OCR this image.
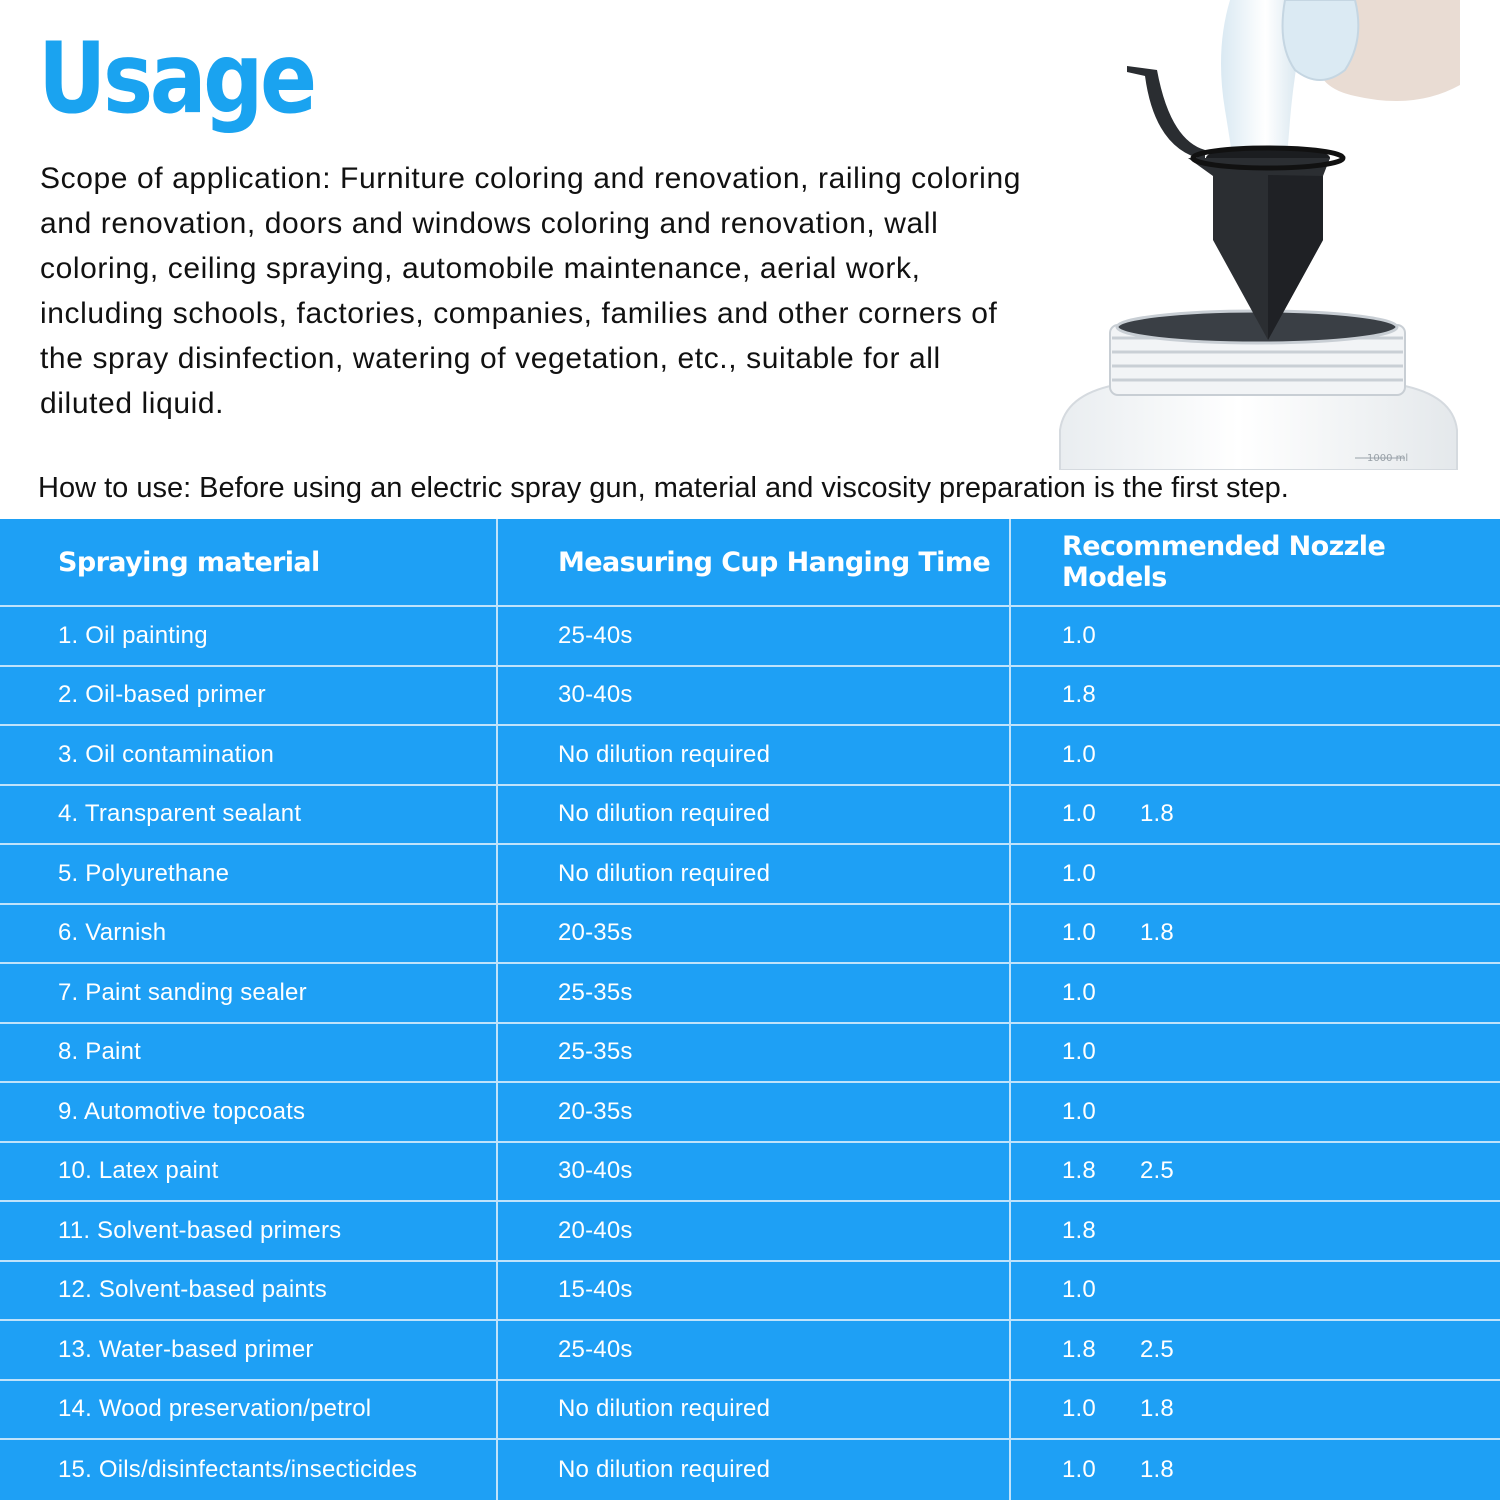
Usage
Scope of application: Furniture coloring and renovation, railing coloring and renovation, doors and windows coloring and renovation, wall coloring, ceiling spraying, automobile maintenance, aerial work, including schools, factories, companies, families and other corners of the spray disinfection, watering of vegetation, etc., suitable for all diluted liquid.
1000 ml
How to use: Before using an electric spray gun, material and viscosity preparation is the first step.
Spraying material	Measuring Cup Hanging Time	Recommended Nozzle Models
1. Oil painting	25-40s	1.0
2. Oil-based primer	30-40s	1.8
3. Oil contamination	No dilution required	1.0
4. Transparent sealant	No dilution required	1.0 1.8
5. Polyurethane	No dilution required	1.0
6. Varnish	20-35s	1.0 1.8
7. Paint sanding sealer	25-35s	1.0
8. Paint	25-35s	1.0
9. Automotive topcoats	20-35s	1.0
10. Latex paint	30-40s	1.8 2.5
11. Solvent-based primers	20-40s	1.8
12. Solvent-based paints	15-40s	1.0
13. Water-based primer	25-40s	1.8 2.5
14. Wood preservation/petrol	No dilution required	1.0 1.8
15. Oils/disinfectants/insecticides	No dilution required	1.0 1.8
